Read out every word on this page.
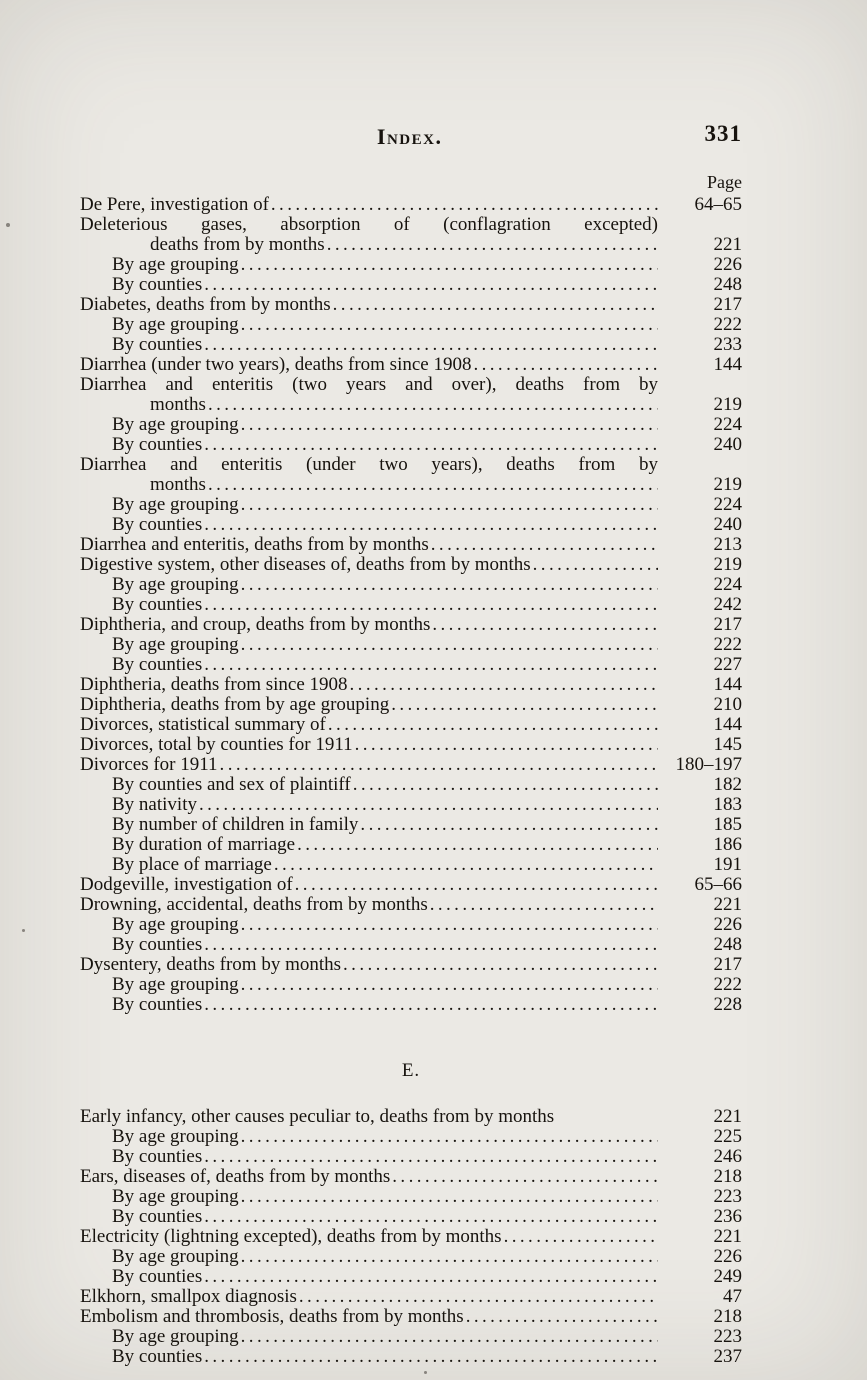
Index.	331
Page
De Pere, investigation of .....	64–65
Deleterious gases, absorption of (conflagration excepted)
deaths from by months .....	221
By age grouping .....	226
By counties .....	248
Diabetes, deaths from by months .....	217
By age grouping .....	222
By counties .....	233
Diarrhea (under two years), deaths from since 1908 .....	144
Diarrhea and enteritis (two years and over), deaths from by
months .....	219
By age grouping .....	224
By counties .....	240
Diarrhea and enteritis (under two years), deaths from by
months .....	219
By age grouping .....	224
By counties .....	240
Diarrhea and enteritis, deaths from by months .....	213
Digestive system, other diseases of, deaths from by months .....	219
By age grouping .....	224
By counties .....	242
Diphtheria, and croup, deaths from by months .....	217
By age grouping .....	222
By counties .....	227
Diphtheria, deaths from since 1908 .....	144
Diphtheria, deaths from by age grouping .....	210
Divorces, statistical summary of .....	144
Divorces, total by counties for 1911 .....	145
Divorces for 1911 .....	180–197
By counties and sex of plaintiff .....	182
By nativity .....	183
By number of children in family .....	185
By duration of marriage .....	186
By place of marriage .....	191
Dodgeville, investigation of .....	65–66
Drowning, accidental, deaths from by months .....	221
By age grouping .....	226
By counties .....	248
Dysentery, deaths from by months .....	217
By age grouping .....	222
By counties .....	228
E.
Early infancy, other causes peculiar to, deaths from by months	221
By age grouping .....	225
By counties .....	246
Ears, diseases of, deaths from by months .....	218
By age grouping .....	223
By counties .....	236
Electricity (lightning excepted), deaths from by months .....	221
By age grouping .....	226
By counties .....	249
Elkhorn, smallpox diagnosis .....	47
Embolism and thrombosis, deaths from by months .....	218
By age grouping .....	223
By counties .....	237
